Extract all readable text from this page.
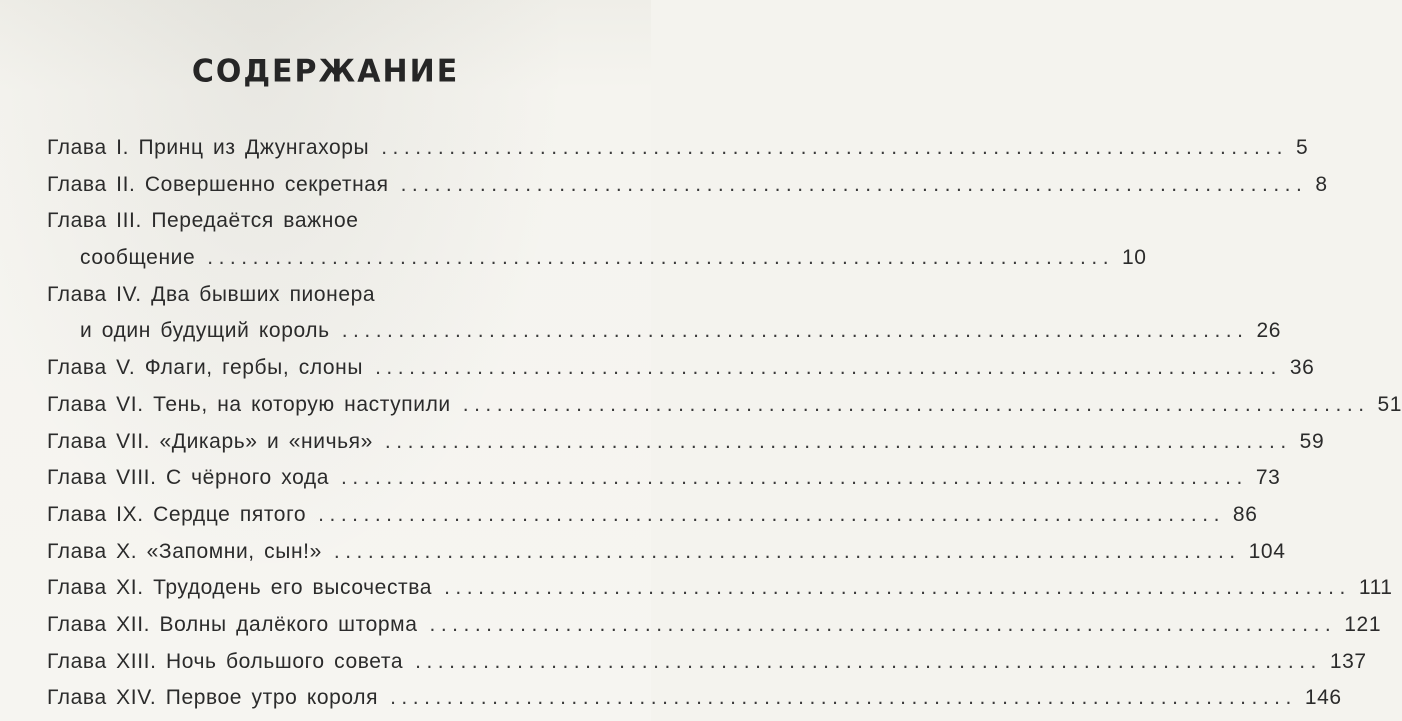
СОДЕРЖАНИЕ
Глава I. Принц из Джунгахоры ................................................................................ 5
Глава II. Совершенно секретная ................................................................................ 8
Глава III. Передаётся важное
сообщение ................................................................................ 10
Глава IV. Два бывших пионера
и один будущий король ................................................................................ 26
Глава V. Флаги, гербы, слоны ................................................................................ 36
Глава VI. Тень, на которую наступили ................................................................................ 51
Глава VII. «Дикарь» и «ничья» ................................................................................ 59
Глава VIII. С чёрного хода ................................................................................ 73
Глава IX. Сердце пятого ................................................................................ 86
Глава X. «Запомни, сын!» ................................................................................ 104
Глава XI. Трудодень его высочества ................................................................................ 111
Глава XII. Волны далёкого шторма ................................................................................ 121
Глава XIII. Ночь большого совета ................................................................................ 137
Глава XIV. Первое утро короля ................................................................................ 146
